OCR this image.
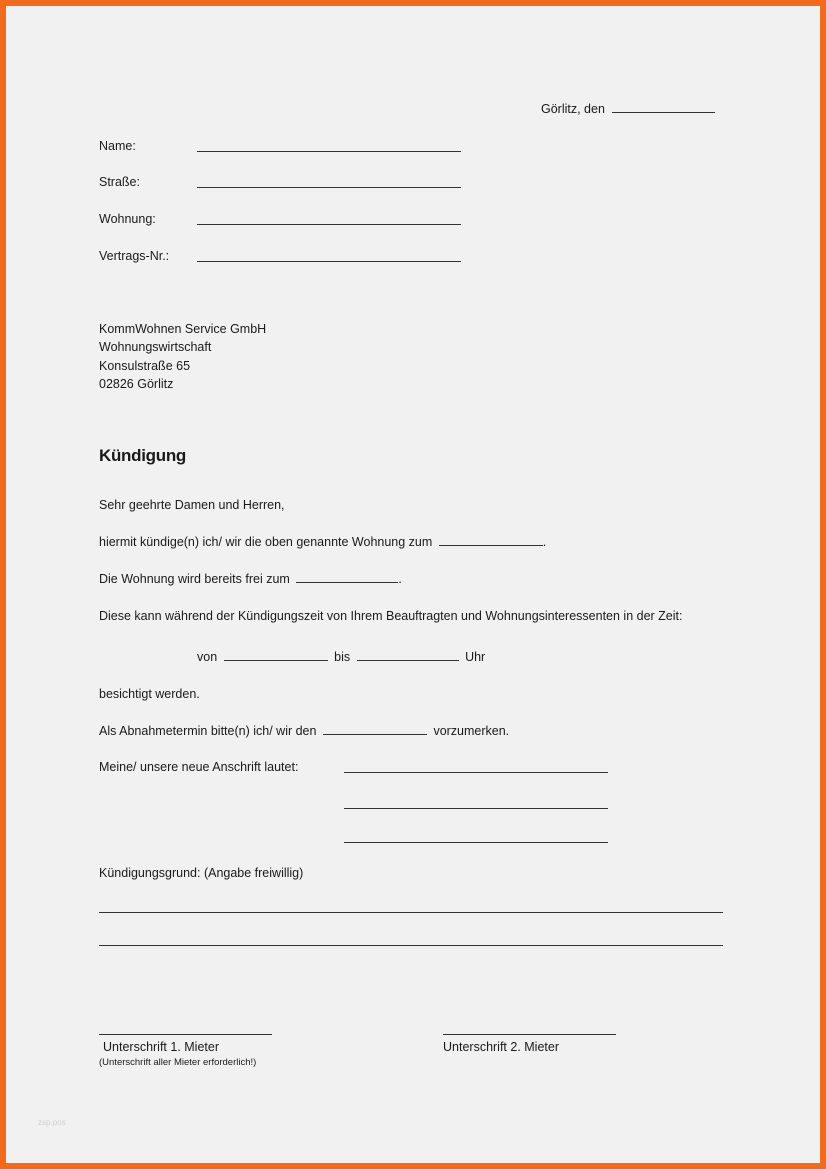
Görlitz, den
Name:
Straße:
Wohnung:
Vertrags-Nr.:
KommWohnen Service GmbH
Wohnungswirtschaft
Konsulstraße 65
02826 Görlitz
Kündigung
Sehr geehrte Damen und Herren,
hiermit kündige(n) ich/ wir die oben genannte Wohnung zum	.
Die Wohnung wird bereits frei zum	.
Diese kann während der Kündigungszeit von Ihrem Beauftragten und Wohnungsinteressenten in der Zeit:
von	bis	Uhr
besichtigt werden.
Als Abnahmetermin bitte(n) ich/ wir den	vorzumerken.
Meine/ unsere neue Anschrift lautet:
Kündigungsgrund: (Angabe freiwillig)
Unterschrift 1. Mieter
(Unterschrift aller Mieter erforderlich!)
Unterschrift 2. Mieter
zsp.pos
